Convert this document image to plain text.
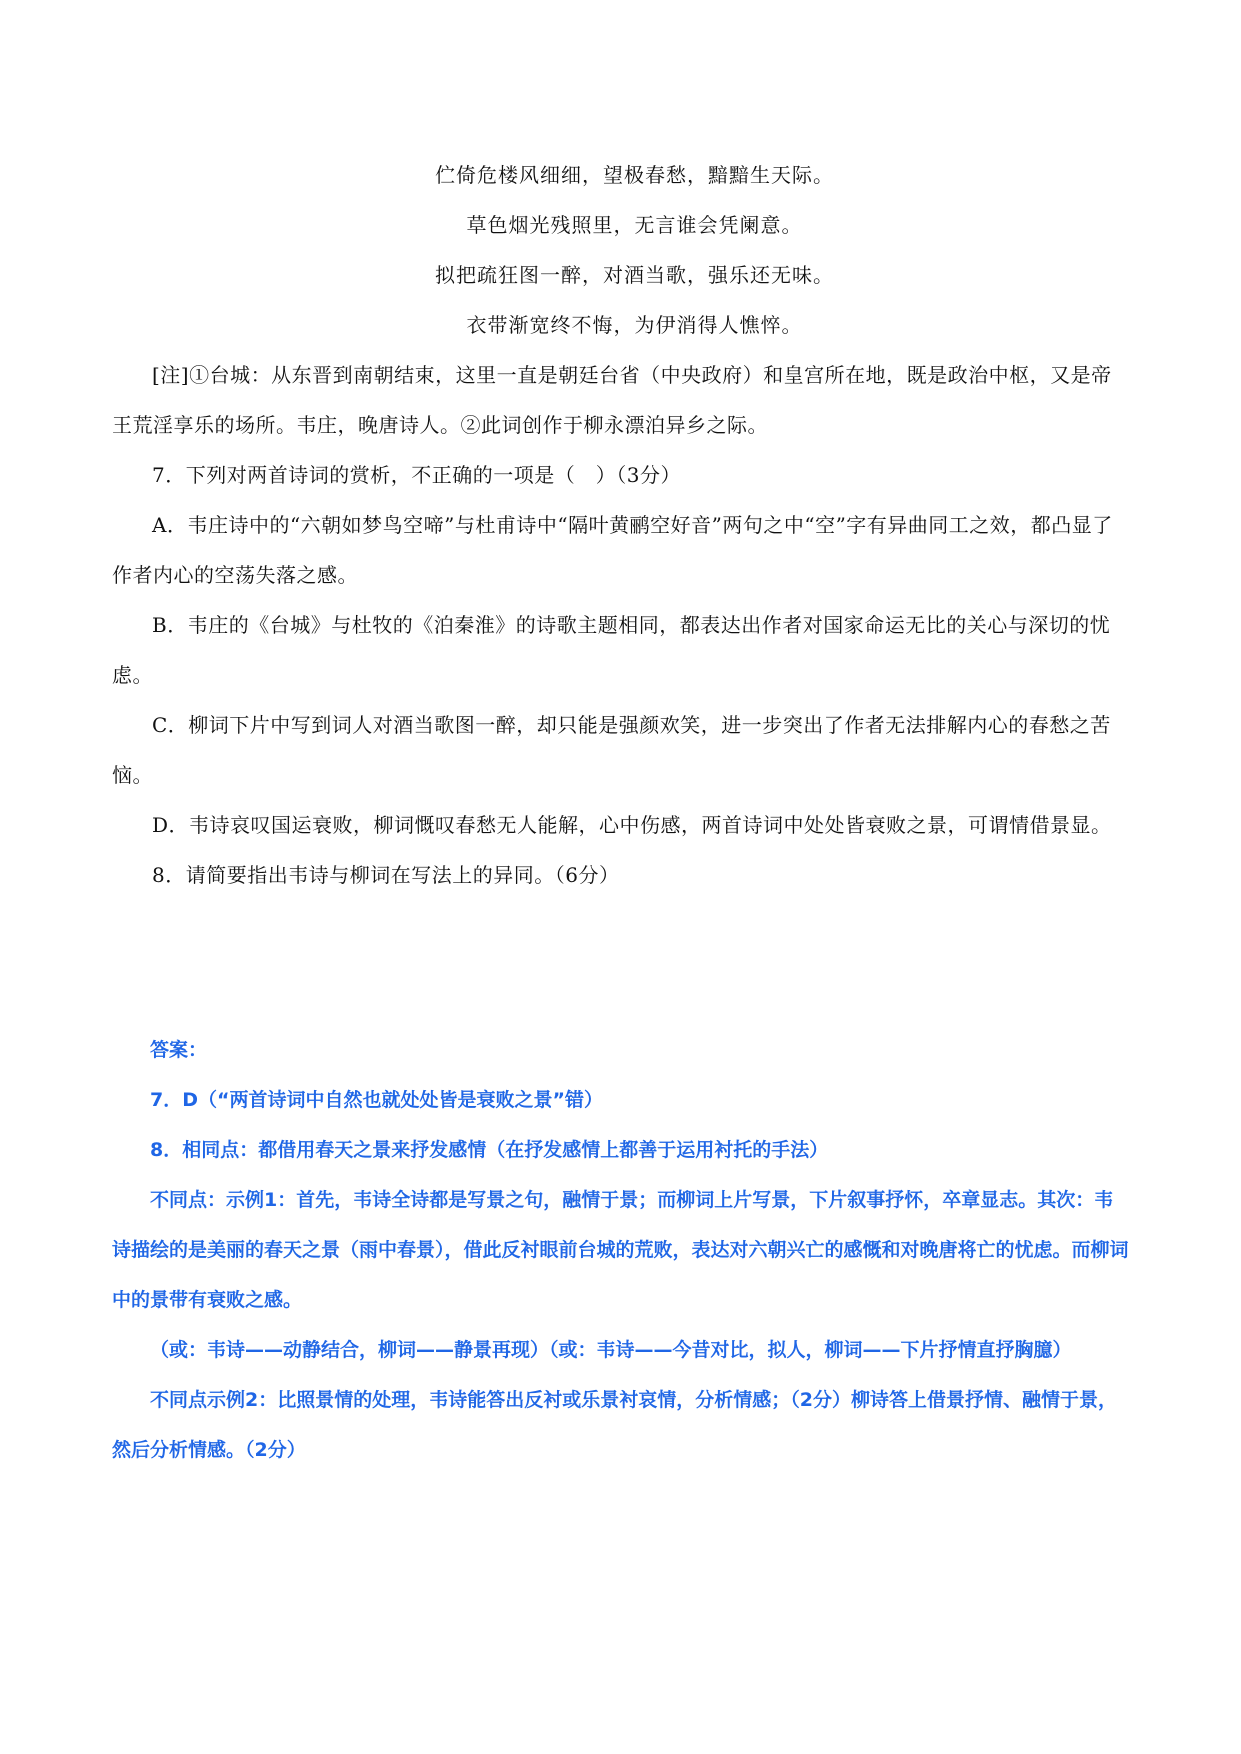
伫倚危楼风细细，望极春愁，黯黯生天际。
草色烟光残照里，无言谁会凭阑意。
拟把疏狂图一醉，对酒当歌，强乐还无味。
衣带渐宽终不悔，为伊消得人憔悴。

[注]①台城：从东晋到南朝结束，这里一直是朝廷台省（中央政府）和皇宫所在地，既是政治中枢，又是帝王荒淫享乐的场所。韦庄，晚唐诗人。②此词创作于柳永漂泊异乡之际。

7．下列对两首诗词的赏析，不正确的一项是（　）（3分）

A．韦庄诗中的“六朝如梦鸟空啼”与杜甫诗中“隔叶黄鹂空好音”两句之中“空”字有异曲同工之效，都凸显了作者内心的空荡失落之感。

B．韦庄的《台城》与杜牧的《泊秦淮》的诗歌主题相同，都表达出作者对国家命运无比的关心与深切的忧虑。

C．柳词下片中写到词人对酒当歌图一醉，却只能是强颜欢笑，进一步突出了作者无法排解内心的春愁之苦恼。

D．韦诗哀叹国运衰败，柳词慨叹春愁无人能解，心中伤感，两首诗词中处处皆衰败之景，可谓情借景显。

8．请简要指出韦诗与柳词在写法上的异同。（6分）

答案：

7．D（“两首诗词中自然也就处处皆是衰败之景”错）

8．相同点：都借用春天之景来抒发感情（在抒发感情上都善于运用衬托的手法）

不同点：示例1：首先，韦诗全诗都是写景之句，融情于景；而柳词上片写景，下片叙事抒怀，卒章显志。其次：韦诗描绘的是美丽的春天之景（雨中春景），借此反衬眼前台城的荒败，表达对六朝兴亡的感慨和对晚唐将亡的忧虑。而柳词中的景带有衰败之感。

（或：韦诗——动静结合，柳词——静景再现）（或：韦诗——今昔对比，拟人，柳词——下片抒情直抒胸臆）

不同点示例2：比照景情的处理，韦诗能答出反衬或乐景衬哀情，分析情感；（2分）柳诗答上借景抒情、融情于景，然后分析情感。（2分）
